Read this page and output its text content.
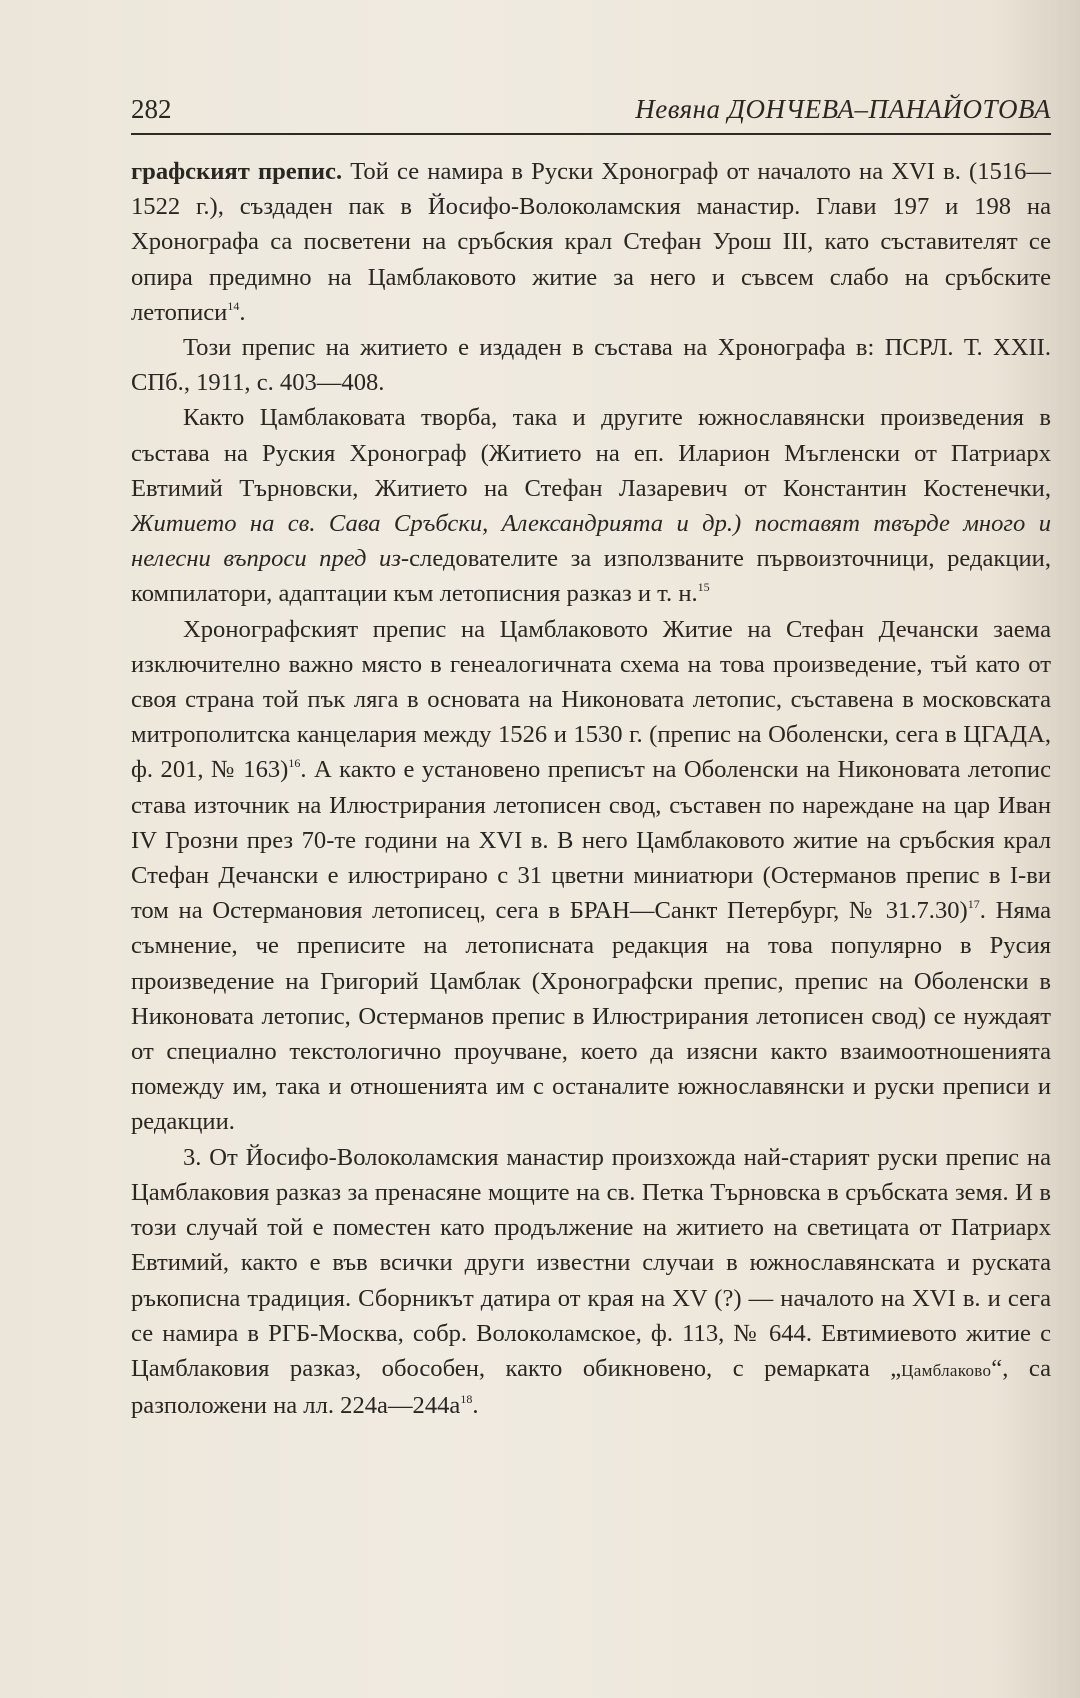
282	Невяна ДОНЧЕВА–ПАНАЙОТОВА

графският препис. Той се намира в Руски Хронограф от началото на XVI в. (1516—1522 г.), създаден пак в Йосифо-Волоколамския манастир. Глави 197 и 198 на Хронографа са посветени на сръбския крал Стефан Урош III, като съставителят се опира предимно на Цамблаковото житие за него и съвсем слабо на сръбските летописи$^{14}$.

Този препис на житието е издаден в състава на Хронографа в: ПСРЛ. Т. XXII. СПб., 1911, с. 403—408.

Както Цамблаковата творба, така и другите южнославянски произведения в състава на Руския Хронограф (Житието на еп. Иларион Мъгленски от Патриарх Евтимий Търновски, Житието на Стефан Лазаревич от Константин Костенечки, Житието на св. Сава Сръбски, Александрията и др.) поставят твърде много и нелесни въпроси пред из-следователите за използваните първоизточници, редакции, компилатори, адаптации към летописния разказ и т. н.$^{15}$

Хронографският препис на Цамблаковото Житие на Стефан Дечански заема изключително важно място в генеалогичната схема на това произведение, тъй като от своя страна той пък ляга в основата на Никоновата летопис, съставена в московската митрополитска канцелария между 1526 и 1530 г. (препис на Оболенски, сега в ЦГАДА, ф. 201, № 163)$^{16}$. А както е установено преписът на Оболенски на Никоновата летопис става източник на Илюстрирания летописен свод, съставен по нареждане на цар Иван IV Грозни през 70-те години на XVI в. В него Цамблаковото житие на сръбския крал Стефан Дечански е илюстрирано с 31 цветни миниатюри (Остерманов препис в I-ви том на Остермановия летописец, сега в БРАН—Санкт Петербург, № 31.7.30)$^{17}$. Няма съмнение, че преписите на летописната редакция на това популярно в Русия произведение на Григорий Цамблак (Хронографски препис, препис на Оболенски в Никоновата летопис, Остерманов препис в Илюстрирания летописен свод) се нуждаят от специално текстологично проучване, което да изясни както взаимоотношенията помежду им, така и отношенията им с останалите южнославянски и руски преписи и редакции.

3. От Йосифо-Волоколамския манастир произхожда най-старият руски препис на Цамблаковия разказ за пренасяне мощите на св. Петка Търновска в сръбската земя. И в този случай той е поместен като продължение на житието на светицата от Патриарх Евтимий, както е във всички други известни случаи в южнославянската и руската ръкописна традиция. Сборникът датира от края на XV (?) — началото на XVI в. и сега се намира в РГБ-Москва, собр. Волоколамское, ф. 113, № 644. Евтимиевото житие с Цамблаковия разказ, обособен, както обикновено, с ремарката „Цамблаково“, са разположени на лл. $224а—244а^{18}$.
